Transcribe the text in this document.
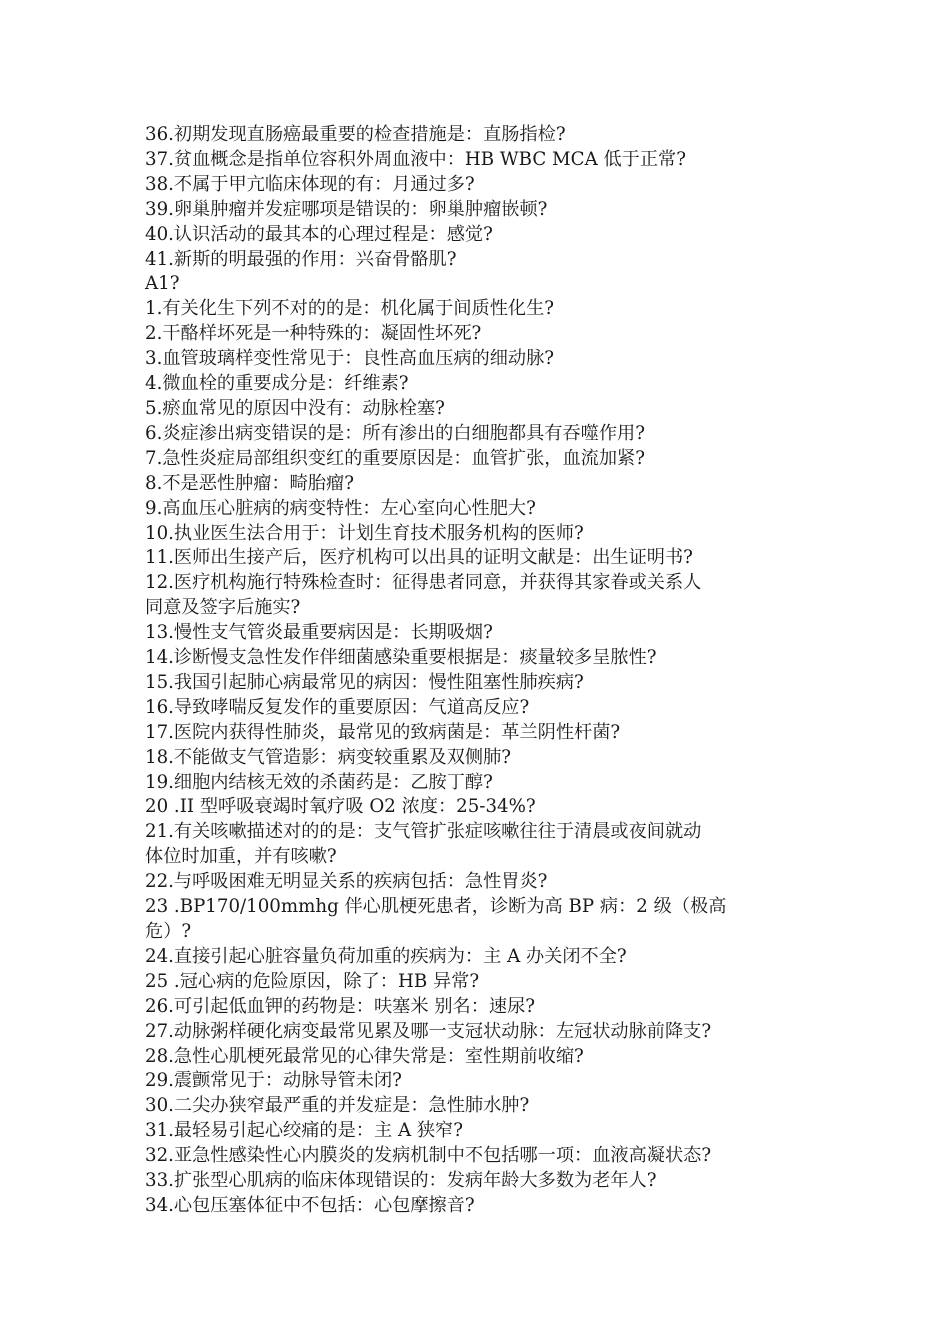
36.初期发现直肠癌最重要的检查措施是：直肠指检?

37.贫血概念是指单位容积外周血液中：HB WBC MCA 低于正常?

38.不属于甲亢临床体现的有：月通过多?

39.卵巢肿瘤并发症哪项是错误的：卵巢肿瘤嵌顿?

40.认识活动的最其本的心理过程是：感觉?

41.新斯的明最强的作用：兴奋骨骼肌?

A1?

1.有关化生下列不对的的是：机化属于间质性化生?

2.干酪样坏死是一种特殊的：凝固性坏死?

3.血管玻璃样变性常见于：良性高血压病的细动脉?

4.微血栓的重要成分是：纤维素?

5.瘀血常见的原因中没有：动脉栓塞?

6.炎症渗出病变错误的是：所有渗出的白细胞都具有吞噬作用?

7.急性炎症局部组织变红的重要原因是：血管扩张，血流加紧?

8.不是恶性肿瘤：畸胎瘤?

9.高血压心脏病的病变特性：左心室向心性肥大?

10.执业医生法合用于：计划生育技术服务机构的医师?

11.医师出生接产后，医疗机构可以出具的证明文献是：出生证明书?

12.医疗机构施行特殊检查时：征得患者同意，并获得其家眷或关系人

同意及签字后施实?

13.慢性支气管炎最重要病因是：长期吸烟?

14.诊断慢支急性发作伴细菌感染重要根据是：痰量较多呈脓性?

15.我国引起肺心病最常见的病因：慢性阻塞性肺疾病?

16.导致哮喘反复发作的重要原因：气道高反应?

17.医院内获得性肺炎，最常见的致病菌是：革兰阴性杆菌?

18.不能做支气管造影：病变较重累及双侧肺?

19.细胞内结核无效的杀菌药是：乙胺丁醇?

20 .II 型呼吸衰竭时氧疗吸 O2 浓度：25-34%?

21.有关咳嗽描述对的的是：支气管扩张症咳嗽往往于清晨或夜间就动

体位时加重，并有咳嗽?

22.与呼吸困难无明显关系的疾病包括：急性胃炎?

23 .BP170/100mmhg 伴心肌梗死患者，诊断为高 BP 病：2 级（极高

危）?

24.直接引起心脏容量负荷加重的疾病为：主 A 办关闭不全?

25 .冠心病的危险原因，除了：HB 异常?

26.可引起低血钾的药物是：呋塞米 别名：速尿?

27.动脉粥样硬化病变最常见累及哪一支冠状动脉：左冠状动脉前降支?

28.急性心肌梗死最常见的心律失常是：室性期前收缩?

29.震颤常见于：动脉导管未闭?

30.二尖办狭窄最严重的并发症是：急性肺水肿?

31.最轻易引起心绞痛的是：主 A 狭窄?

32.亚急性感染性心内膜炎的发病机制中不包括哪一项：血液高凝状态?

33.扩张型心肌病的临床体现错误的：发病年龄大多数为老年人?

34.心包压塞体征中不包括：心包摩擦音?
